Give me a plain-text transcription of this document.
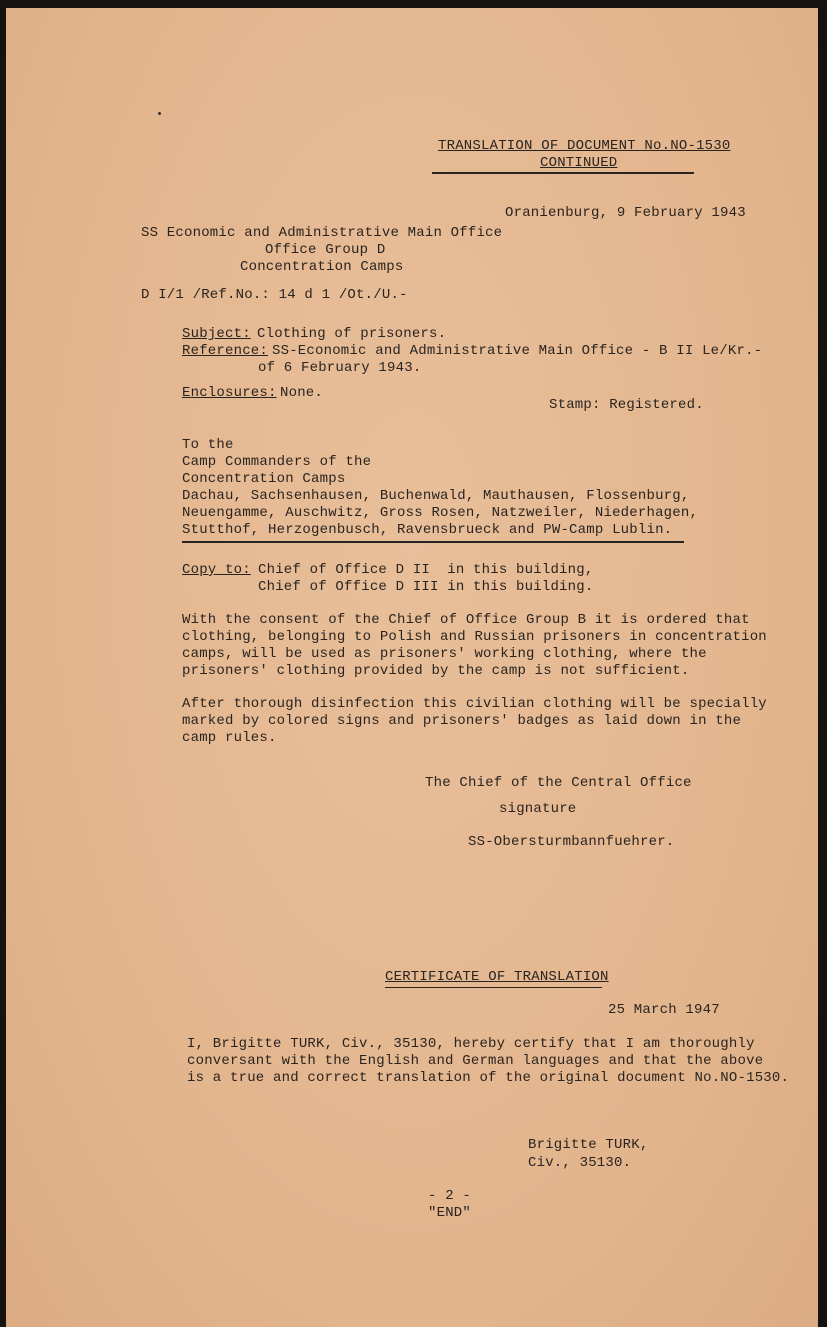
TRANSLATION OF DOCUMENT No.NO-1530
CONTINUED
Oranienburg, 9 February 1943
SS Economic and Administrative Main Office
Office Group D
Concentration Camps
D I/1 /Ref.No.: 14 d 1 /Ot./U.-
Subject: Clothing of prisoners.
Reference: SS-Economic and Administrative Main Office - B II Le/Kr.-
of 6 February 1943.
Enclosures: None.
Stamp: Registered.
To the
Camp Commanders of the
Concentration Camps
Dachau, Sachsenhausen, Buchenwald, Mauthausen, Flossenburg,
Neuengamme, Auschwitz, Gross Rosen, Natzweiler, Niederhagen,
Stutthof, Herzogenbusch, Ravensbrueck and PW-Camp Lublin.
Copy to: Chief of Office D II  in this building,
Chief of Office D III in this building.
With the consent of the Chief of Office Group B it is ordered that
clothing, belonging to Polish and Russian prisoners in concentration
camps, will be used as prisoners' working clothing, where the
prisoners' clothing provided by the camp is not sufficient.
After thorough disinfection this civilian clothing will be specially
marked by colored signs and prisoners' badges as laid down in the
camp rules.
The Chief of the Central Office
signature
SS-Obersturmbannfuehrer.
CERTIFICATE OF TRANSLATION
25 March 1947
I, Brigitte TURK, Civ., 35130, hereby certify that I am thoroughly
conversant with the English and German languages and that the above
is a true and correct translation of the original document No.NO-1530.
Brigitte TURK,
Civ., 35130.
- 2 -
"END"
